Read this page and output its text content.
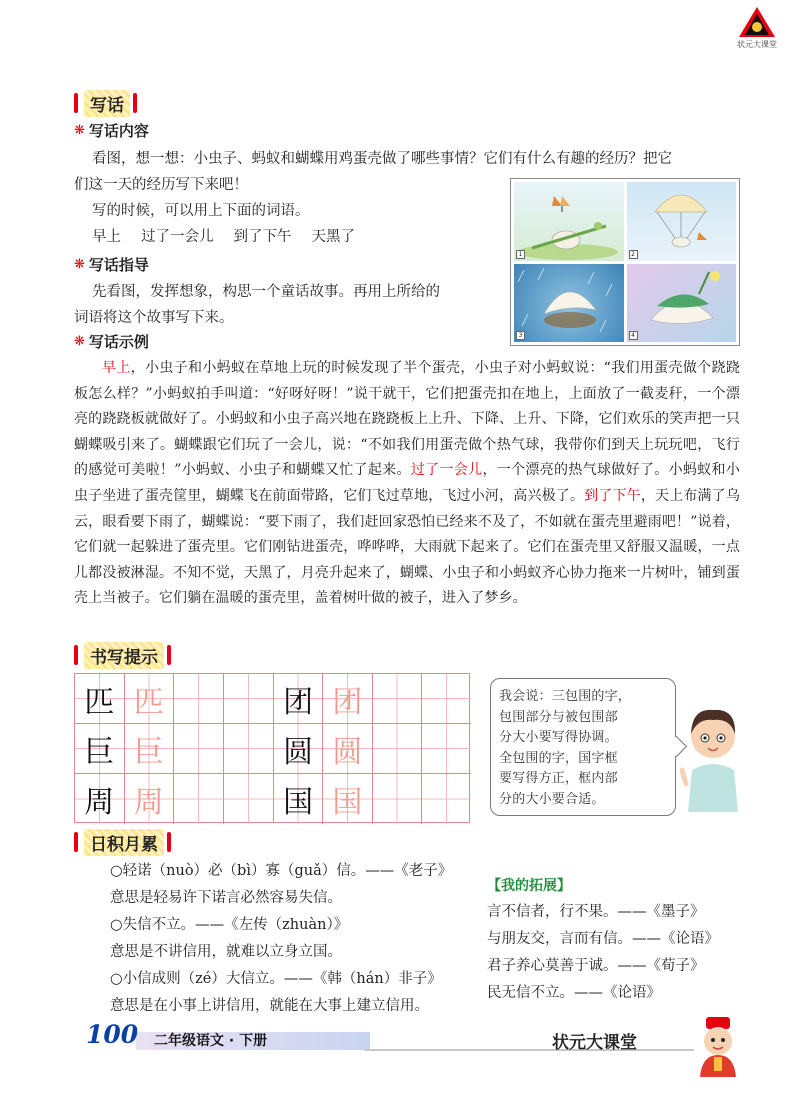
状元大课堂
写话
❋ 写话内容
看图，想一想：小虫子、蚂蚁和蝴蝶用鸡蛋壳做了哪些事情？它们有什么有趣的经历？把它
们这一天的经历写下来吧！
写的时候，可以用上下面的词语。
早上 过了一会儿 到了下午 天黑了
❋ 写话指导
先看图，发挥想象，构思一个童话故事。再用上所给的
词语将这个故事写下来。
1	2
3	4
❋ 写话示例
早上，小虫子和小蚂蚁在草地上玩的时候发现了半个蛋壳，小虫子对小蚂蚁说：“我们用蛋壳做个跷跷板怎么样？”小蚂蚁拍手叫道：“好呀好呀！”说干就干，它们把蛋壳扣在地上，上面放了一截麦秆，一个漂亮的跷跷板就做好了。小蚂蚁和小虫子高兴地在跷跷板上上升、下降、上升、下降，它们欢乐的笑声把一只蝴蝶吸引来了。蝴蝶跟它们玩了一会儿，说：“不如我们用蛋壳做个热气球，我带你们到天上玩玩吧，飞行的感觉可美啦！”小蚂蚁、小虫子和蝴蝶又忙了起来。过了一会儿，一个漂亮的热气球做好了。小蚂蚁和小虫子坐进了蛋壳筐里，蝴蝶飞在前面带路，它们飞过草地，飞过小河，高兴极了。到了下午，天上布满了乌云，眼看要下雨了，蝴蝶说：“要下雨了，我们赶回家恐怕已经来不及了，不如就在蛋壳里避雨吧！”说着，它们就一起躲进了蛋壳里。它们刚钻进蛋壳，哗哗哗，大雨就下起来了。它们在蛋壳里又舒服又温暖，一点儿都没被淋湿。不知不觉，天黑了，月亮升起来了，蝴蝶、小虫子和小蚂蚁齐心协力拖来一片树叶，铺到蛋壳上当被子。它们躺在温暖的蛋壳里，盖着树叶做的被子，进入了梦乡。
书写提示
匹 匹
巨 巨
周 周
团 团
圆 圆
国 国
我会说：三包围的字，
包围部分与被包围部
分大小要写得协调。
全包围的字，国字框
要写得方正，框内部
分的大小要合适。
日积月累
○轻诺（nuò）必（bì）寡（guǎ）信。——《老子》
意思是轻易许下诺言必然容易失信。
○失信不立。——《左传（zhuàn）》
意思是不讲信用，就难以立身立国。
○小信成则（zé）大信立。——《韩（hán）非子》
意思是在小事上讲信用，就能在大事上建立信用。
【我的拓展】
言不信者，行不果。——《墨子》
与朋友交，言而有信。——《论语》
君子养心莫善于诚。——《荀子》
民无信不立。——《论语》
100 二年级语文 · 下册	状元大课堂
